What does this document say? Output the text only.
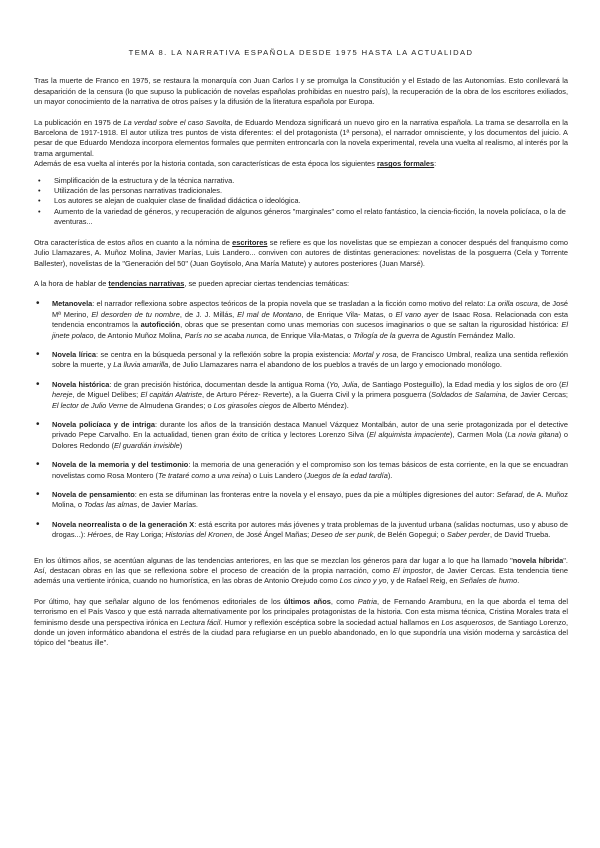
TEMA 8. LA NARRATIVA ESPAÑOLA DESDE 1975 HASTA LA ACTUALIDAD

Tras la muerte de Franco en 1975, se restaura la monarquía con Juan Carlos I y se promulga la Constitución y el Estado de las Autonomías. Esto conllevará la desaparición de la censura (lo que supuso la publicación de novelas españolas prohibidas en nuestro país), la recuperación de la obra de los escritores exiliados, un mayor conocimiento de la narrativa de otros países y la difusión de la literatura española por Europa.

La publicación en 1975 de La verdad sobre el caso Savolta, de Eduardo Mendoza significará un nuevo giro en la narrativa española. La trama se desarrolla en la Barcelona de 1917-1918. El autor utiliza tres puntos de vista diferentes: el del protagonista (1ª persona), el narrador omnisciente, y los documentos del juicio. A pesar de que Eduardo Mendoza incorpora elementos formales que permiten entroncarla con la novela experimental, revela una vuelta al realismo, al interés por la trama argumental.

Además de esa vuelta al interés por la historia contada, son características de esta época los siguientes rasgos formales:

• Simplificación de la estructura y de la técnica narrativa.
• Utilización de las personas narrativas tradicionales.
• Los autores se alejan de cualquier clase de finalidad didáctica o ideológica.
• Aumento de la variedad de géneros, y recuperación de algunos géneros "marginales" como el relato fantástico, la ciencia-ficción, la novela policíaca, o la de aventuras...

Otra característica de estos años en cuanto a la nómina de escritores se refiere es que los novelistas que se empiezan a conocer después del franquismo como Julio Llamazares, A. Muñoz Molina, Javier Marías, Luis Landero... conviven con autores de distintas generaciones: novelistas de la posguerra (Cela y Torrente Ballester), novelistas de la "Generación del 50" (Juan Goytisolo, Ana María Matute) y autores posteriores (Juan Marsé).

A la hora de hablar de tendencias narrativas, se pueden apreciar ciertas tendencias temáticas:

• Metanovela: el narrador reflexiona sobre aspectos teóricos de la propia novela que se trasladan a la ficción como motivo del relato: La orilla oscura, de José Mª Merino, El desorden de tu nombre, de J. J. Millás, El mal de Montano, de Enrique Vila- Matas, o El vano ayer de Isaac Rosa. Relacionada con esta tendencia encontramos la autoficción, obras que se presentan como unas memorias con sucesos imaginarios o que se saltan la rigurosidad histórica: El jinete polaco, de Antonio Muñoz Molina, París no se acaba nunca, de Enrique Vila-Matas, o Trilogía de la guerra de Agustín Fernández Mallo.
• Novela lírica: se centra en la búsqueda personal y la reflexión sobre la propia existencia: Mortal y rosa, de Francisco Umbral, realiza una sentida reflexión sobre la muerte, y La lluvia amarilla, de Julio Llamazares narra el abandono de los pueblos a través de un largo y emocionado monólogo.
• Novela histórica: de gran precisión histórica, documentan desde la antigua Roma (Yo, Julia, de Santiago Posteguillo), la Edad media y los siglos de oro (El hereje, de Miguel Delibes; El capitán Alatriste, de Arturo Pérez- Reverte), a la Guerra Civil y la primera posguerra (Soldados de Salamina, de Javier Cercas; El lector de Julio Verne de Almudena Grandes; o Los girasoles ciegos de Alberto Méndez).
• Novela policíaca y de intriga: durante los años de la transición destaca Manuel Vázquez Montalbán, autor de una serie protagonizada por el detective privado Pepe Carvalho. En la actualidad, tienen gran éxito de crítica y lectores Lorenzo Silva (El alquimista impaciente), Carmen Mola (La novia gitana) o Dolores Redondo (El guardián invisible)
• Novela de la memoria y del testimonio: la memoria de una generación y el compromiso son los temas básicos de esta corriente, en la que se encuadran novelistas como Rosa Montero (Te trataré como a una reina) o Luis Landero (Juegos de la edad tardía).
• Novela de pensamiento: en esta se difuminan las fronteras entre la novela y el ensayo, pues da pie a múltiples digresiones del autor: Sefarad, de A. Muñoz Molina, o Todas las almas, de Javier Marías.
• Novela neorrealista o de la generación X: está escrita por autores más jóvenes y trata problemas de la juventud urbana (salidas nocturnas, uso y abuso de drogas...): Héroes, de Ray Loriga; Historias del Kronen, de José Ángel Mañas; Deseo de ser punk, de Belén Gopegui; o Saber perder, de David Trueba.

En los últimos años, se acentúan algunas de las tendencias anteriores, en las que se mezclan los géneros para dar lugar a lo que ha llamado "novela híbrida". Así, destacan obras en las que se reflexiona sobre el proceso de creación de la propia narración, como El impostor, de Javier Cercas. Esta tendencia tiene además una vertiente irónica, cuando no humorística, en las obras de Antonio Orejudo como Los cinco y yo, y de Rafael Reig, en Señales de humo.

Por último, hay que señalar alguno de los fenómenos editoriales de los últimos años, como Patria, de Fernando Aramburu, en la que aborda el tema del terrorismo en el País Vasco y que está narrada alternativamente por los principales protagonistas de la historia. Con esta misma técnica, Cristina Morales trata el feminismo desde una perspectiva irónica en Lectura fácil. Humor y reflexión escéptica sobre la sociedad actual hallamos en Los asquerosos, de Santiago Lorenzo, donde un joven informático abandona el estrés de la ciudad para refugiarse en un pueblo abandonado, en lo que supondría una visión moderna y sarcástica del tópico del "beatus ille".
